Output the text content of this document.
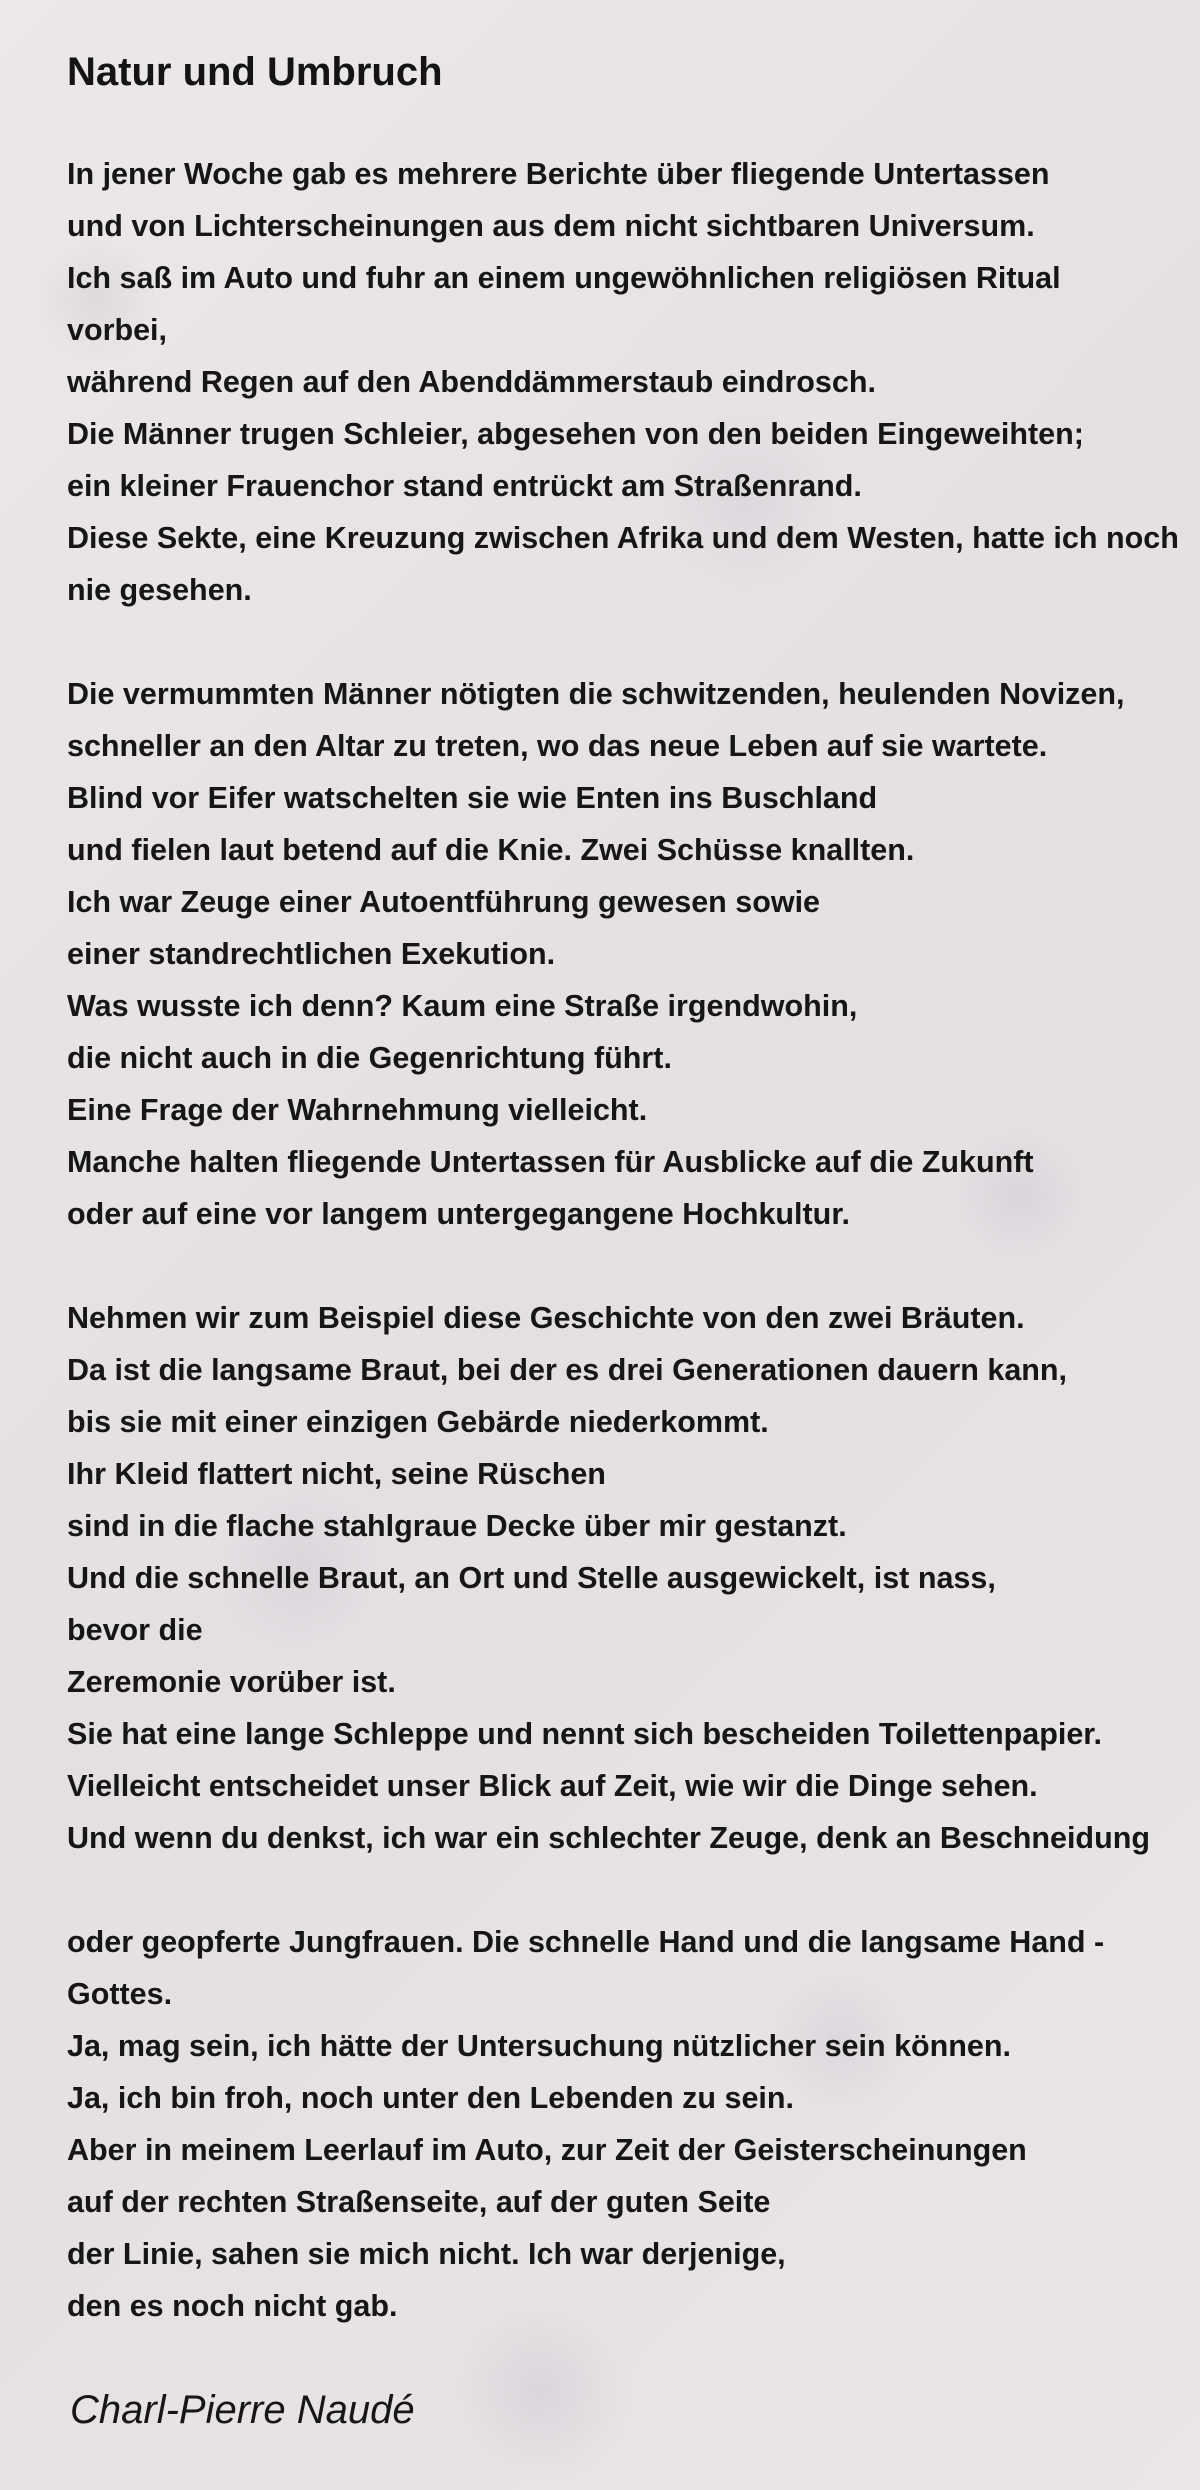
Natur und Umbruch
In jener Woche gab es mehrere Berichte über fliegende Untertassen
und von Lichterscheinungen aus dem nicht sichtbaren Universum.
Ich saß im Auto und fuhr an einem ungewöhnlichen religiösen Ritual
vorbei,
während Regen auf den Abenddämmerstaub eindrosch.
Die Männer trugen Schleier, abgesehen von den beiden Eingeweihten;
ein kleiner Frauenchor stand entrückt am Straßenrand.
Diese Sekte, eine Kreuzung zwischen Afrika und dem Westen, hatte ich noch
nie gesehen.
Die vermummten Männer nötigten die schwitzenden, heulenden Novizen,
schneller an den Altar zu treten, wo das neue Leben auf sie wartete.
Blind vor Eifer watschelten sie wie Enten ins Buschland
und fielen laut betend auf die Knie. Zwei Schüsse knallten.
Ich war Zeuge einer Autoentführung gewesen sowie
einer standrechtlichen Exekution.
Was wusste ich denn? Kaum eine Straße irgendwohin,
die nicht auch in die Gegenrichtung führt.
Eine Frage der Wahrnehmung vielleicht.
Manche halten fliegende Untertassen für Ausblicke auf die Zukunft
oder auf eine vor langem untergegangene Hochkultur.
Nehmen wir zum Beispiel diese Geschichte von den zwei Bräuten.
Da ist die langsame Braut, bei der es drei Generationen dauern kann,
bis sie mit einer einzigen Gebärde niederkommt.
Ihr Kleid flattert nicht, seine Rüschen
sind in die flache stahlgraue Decke über mir gestanzt.
Und die schnelle Braut, an Ort und Stelle ausgewickelt, ist nass,
bevor die
Zeremonie vorüber ist.
Sie hat eine lange Schleppe und nennt sich bescheiden Toilettenpapier.
Vielleicht entscheidet unser Blick auf Zeit, wie wir die Dinge sehen.
Und wenn du denkst, ich war ein schlechter Zeuge, denk an Beschneidung
oder geopferte Jungfrauen. Die schnelle Hand und die langsame Hand -
Gottes.
Ja, mag sein, ich hätte der Untersuchung nützlicher sein können.
Ja, ich bin froh, noch unter den Lebenden zu sein.
Aber in meinem Leerlauf im Auto, zur Zeit der Geisterscheinungen
auf der rechten Straßenseite, auf der guten Seite
der Linie, sahen sie mich nicht. Ich war derjenige,
den es noch nicht gab.

Charl-Pierre Naudé
